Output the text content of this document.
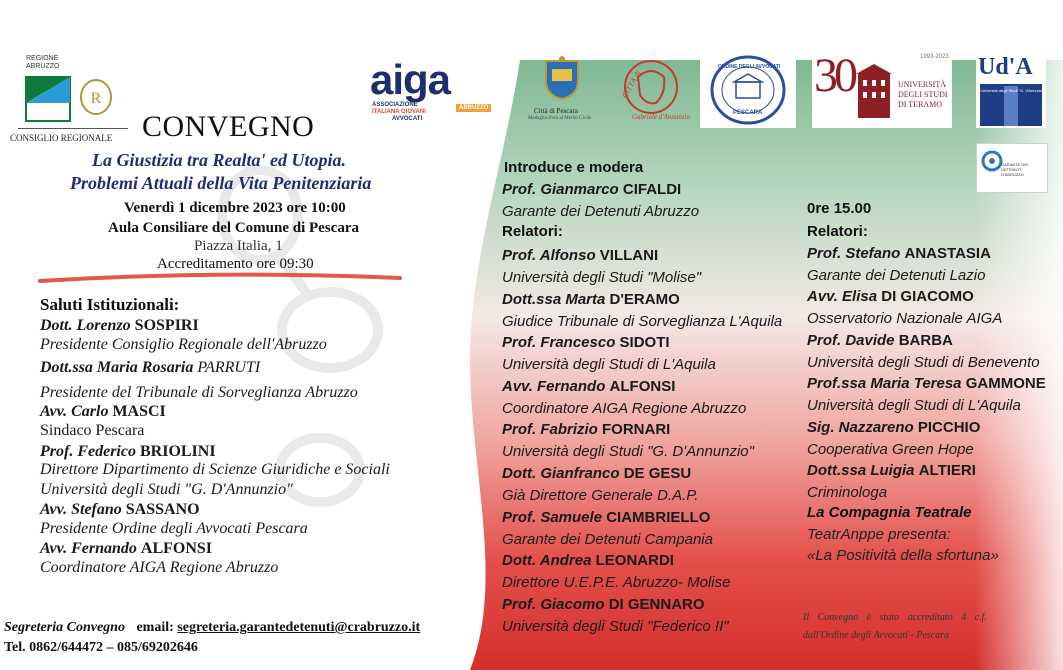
REGIONE
ABRUZZO
R
CONSIGLIO REGIONALE
aiga
ASSOCIAZIONE
ITALIANA GIOVANI
AVVOCATI
ABRUZZO	Città di Pescara
Medaglia d'oro al Merito Civile
CITTÀ di
Gabriele d'Annunzio
ORDINE DEGLI AVVOCATI
PESCARA
1993-2023
30	UNIVERSITÀ
DEGLI STUDI
DI TERAMO
Ud'A
Università degli Studi "G. d'Annunzio"
GARANTE DEI DETENUTI D'ABRUZZO
CONVEGNO
La Giustizia tra Realta' ed Utopia.
Problemi Attuali della Vita Penitenziaria
Venerdì 1 dicembre 2023 ore 10:00
Aula Consiliare del Comune di Pescara
Piazza Italia, 1
Accreditamento ore 09:30
Saluti Istituzionali:
Dott. Lorenzo SOSPIRI
Presidente Consiglio Regionale dell'Abruzzo
Dott.ssa Maria Rosaria PARRUTI
Presidente del Tribunale di Sorveglianza Abruzzo
Avv. Carlo MASCI
Sindaco Pescara
Prof. Federico BRIOLINI
Direttore Dipartimento di Scienze Giuridiche e Sociali
Università degli Studi "G. D'Annunzio"
Avv. Stefano SASSANO
Presidente Ordine degli Avvocati Pescara
Avv. Fernando ALFONSI
Coordinatore AIGA Regione Abruzzo
Segreteria Convegno email: segreteria.garantedetenuti@crabruzzo.it
Tel. 0862/644472 – 085/69202646
Introduce e modera
Prof. Gianmarco CIFALDI
Garante dei Detenuti Abruzzo
Relatori:
Prof. Alfonso VILLANI
Università degli Studi "Molise"
Dott.ssa Marta D'ERAMO
Giudice Tribunale di Sorveglianza L'Aquila
Prof. Francesco SIDOTI
Università degli Studi di L'Aquila
Avv. Fernando ALFONSI
Coordinatore AIGA Regione Abruzzo
Prof. Fabrizio FORNARI
Università degli Studi "G. D'Annunzio"
Dott. Gianfranco DE GESU
Già Direttore Generale D.A.P.
Prof. Samuele CIAMBRIELLO
Garante dei Detenuti Campania
Dott. Andrea LEONARDI
Direttore U.E.P.E. Abruzzo- Molise
Prof. Giacomo DI GENNARO
Università degli Studi "Federico II"
0re 15.00
Relatori:
Prof. Stefano ANASTASIA
Garante dei Detenuti Lazio
Avv. Elisa DI GIACOMO
Osservatorio Nazionale AIGA
Prof. Davide BARBA
Università degli Studi di Benevento
Prof.ssa Maria Teresa GAMMONE
Università degli Studi di L'Aquila
Sig. Nazzareno PICCHIO
Cooperativa Green Hope
Dott.ssa Luigia ALTIERI
Criminologa
La Compagnia Teatrale
TeatrAnppe presenta:
«La Positività della sfortuna»
Il Convegno è stato accreditato 4 c.f.
dall'Ordine degli Avvocati - Pescara
